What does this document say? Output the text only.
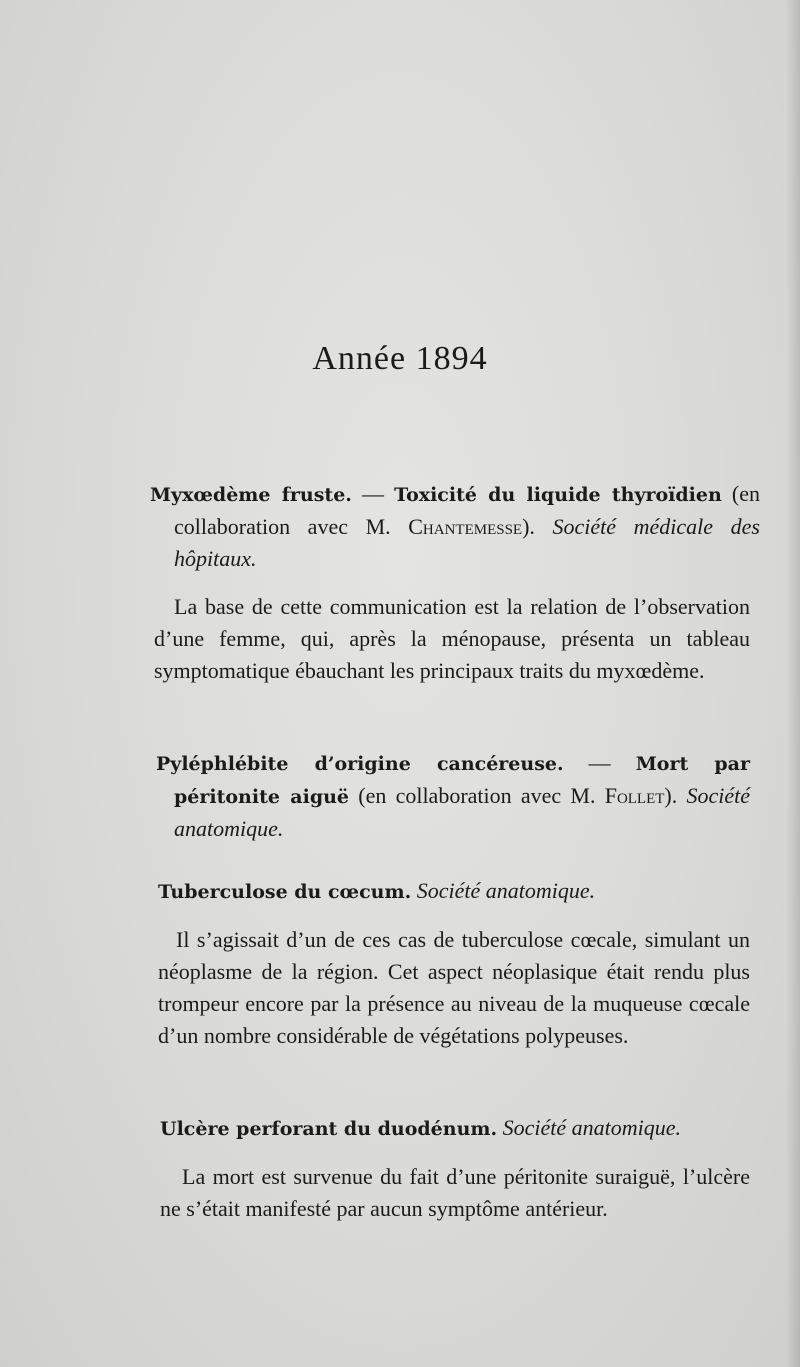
Année 1894

Myxœdème fruste. — Toxicité du liquide thyroïdien (en collaboration avec M. Chantemesse). Société médicale des hôpitaux.

La base de cette communication est la relation de l’observation d’une femme, qui, après la ménopause, présenta un tableau symptomatique ébauchant les principaux traits du myxœdème.

Pyléphlébite d’origine cancéreuse. — Mort par péritonite aiguë (en collaboration avec M. Follet). Société anatomique.

Tuberculose du cœcum. Société anatomique.

Il s’agissait d’un de ces cas de tuberculose cœcale, simulant un néoplasme de la région. Cet aspect néoplasique était rendu plus trompeur encore par la présence au niveau de la muqueuse cœcale d’un nombre considérable de végétations polypeuses.

Ulcère perforant du duodénum. Société anatomique.

La mort est survenue du fait d’une péritonite suraiguë, l’ulcère ne s’était manifesté par aucun symptôme antérieur.
